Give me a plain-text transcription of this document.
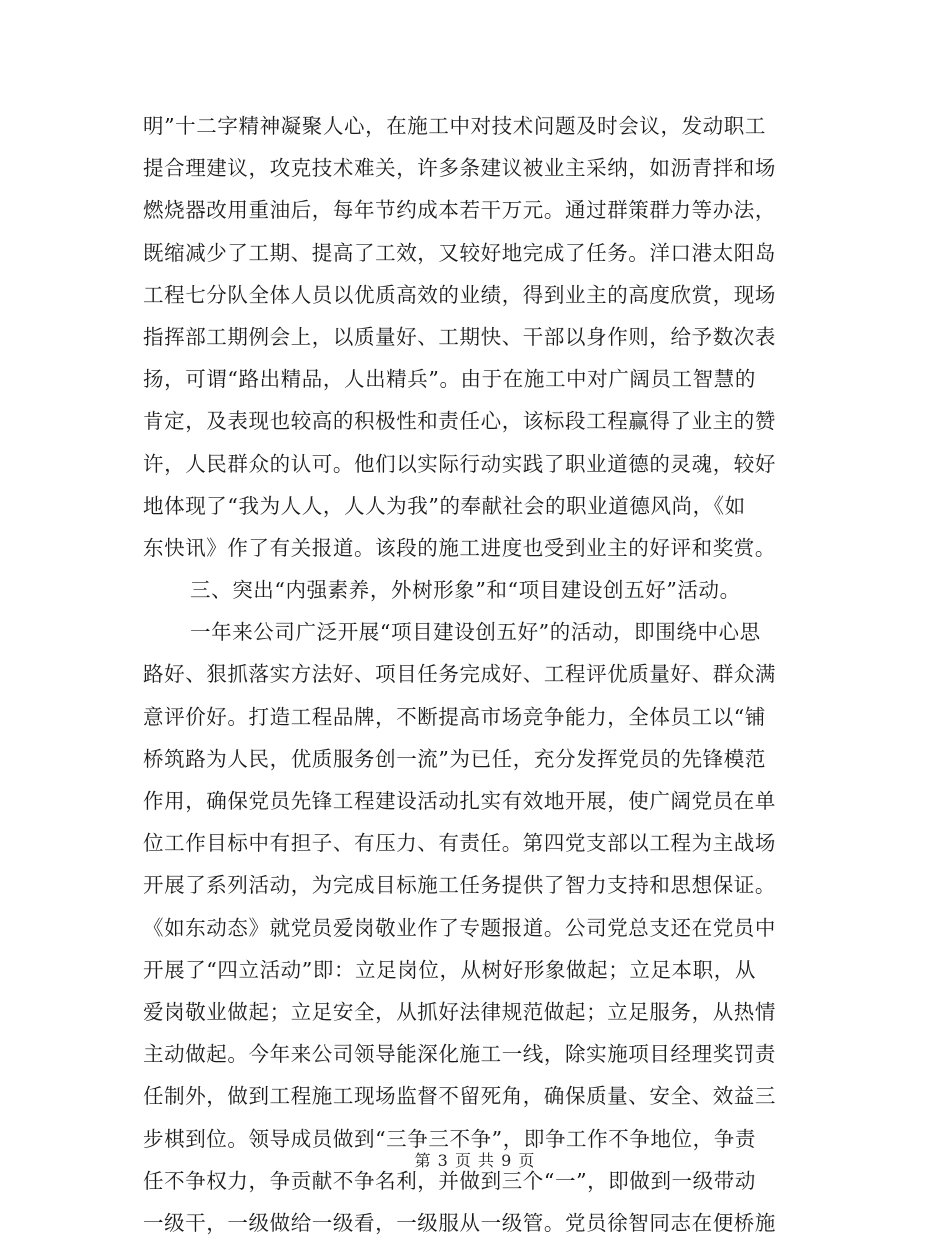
明”十二字精神凝聚人心，在施工中对技术问题及时会议，发动职工
提合理建议，攻克技术难关，许多条建议被业主采纳，如沥青拌和场
燃烧器改用重油后，每年节约成本若干万元。通过群策群力等办法，
既缩减少了工期、提高了工效，又较好地完成了任务。洋口港太阳岛
工程七分队全体人员以优质高效的业绩，得到业主的高度欣赏，现场
指挥部工期例会上，以质量好、工期快、干部以身作则，给予数次表
扬，可谓“路出精品，人出精兵”。由于在施工中对广阔员工智慧的
肯定，及表现也较高的积极性和责任心，该标段工程赢得了业主的赞
许，人民群众的认可。他们以实际行动实践了职业道德的灵魂，较好
地体现了“我为人人，人人为我”的奉献社会的职业道德风尚，《如
东快讯》作了有关报道。该段的施工进度也受到业主的好评和奖赏。
三、突出“内强素养，外树形象”和“项目建设创五好”活动。
一年来公司广泛开展“项目建设创五好”的活动，即围绕中心思
路好、狠抓落实方法好、项目任务完成好、工程评优质量好、群众满
意评价好。打造工程品牌，不断提高市场竞争能力，全体员工以“铺
桥筑路为人民，优质服务创一流”为已任，充分发挥党员的先锋模范
作用，确保党员先锋工程建设活动扎实有效地开展，使广阔党员在单
位工作目标中有担子、有压力、有责任。第四党支部以工程为主战场
开展了系列活动，为完成目标施工任务提供了智力支持和思想保证。
《如东动态》就党员爱岗敬业作了专题报道。公司党总支还在党员中
开展了“四立活动”即：立足岗位，从树好形象做起；立足本职，从
爱岗敬业做起；立足安全，从抓好法律规范做起；立足服务，从热情
主动做起。今年来公司领导能深化施工一线，除实施项目经理奖罚责
任制外，做到工程施工现场监督不留死角，确保质量、安全、效益三
步棋到位。领导成员做到“三争三不争”，即争工作不争地位，争责
任不争权力，争贡献不争名利，并做到三个“一”，即做到一级带动
一级干，一级做给一级看，一级服从一级管。党员徐智同志在便桥施
第 3 页 共 9 页
